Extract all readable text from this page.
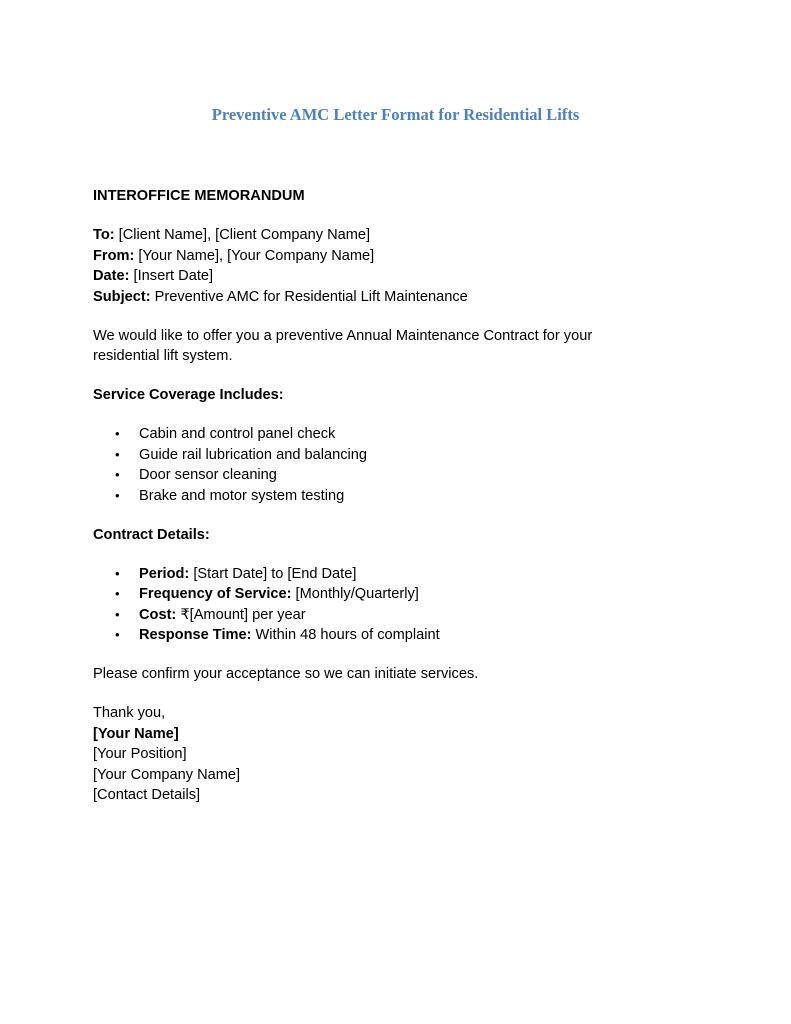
Preventive AMC Letter Format for Residential Lifts
INTEROFFICE MEMORANDUM
To: [Client Name], [Client Company Name]
From: [Your Name], [Your Company Name]
Date: [Insert Date]
Subject: Preventive AMC for Residential Lift Maintenance
We would like to offer you a preventive Annual Maintenance Contract for your
residential lift system.
Service Coverage Includes:
• Cabin and control panel check
• Guide rail lubrication and balancing
• Door sensor cleaning
• Brake and motor system testing
Contract Details:
• Period: [Start Date] to [End Date]
• Frequency of Service: [Monthly/Quarterly]
• Cost: ₹[Amount] per year
• Response Time: Within 48 hours of complaint
Please confirm your acceptance so we can initiate services.
Thank you,
[Your Name]
[Your Position]
[Your Company Name]
[Contact Details]
